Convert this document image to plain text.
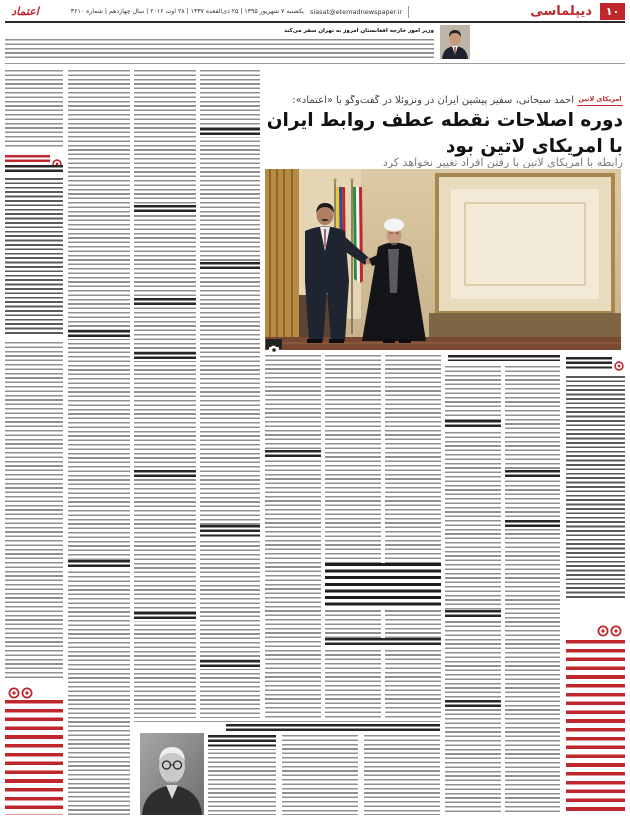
اعتماد	یکشنبه ۷ شهریور ۱۳۹۵ | ۲۵ ذی‌القعده ۱۴۳۷ | ۲۸ اوت ۲۰۱۶ | سال چهاردهم | شماره ۳۶۱۰ siasat@etemadnewspaper.ir	دیپلماسی	۱۰
وزیر امور خارجه افغانستان امروز به تهران سفر می‌کند
امریکای لاتین
احمد سبحانی، سفیر پیشین ایران در ونزوئلا در گفت‌وگو با «اعتماد»:
دوره اصلاحات نقطه عطف روابط ایران
با امریکای لاتین بود
رابطه با امریکای لاتین با رفتن افراد تغییر نخواهد کرد
